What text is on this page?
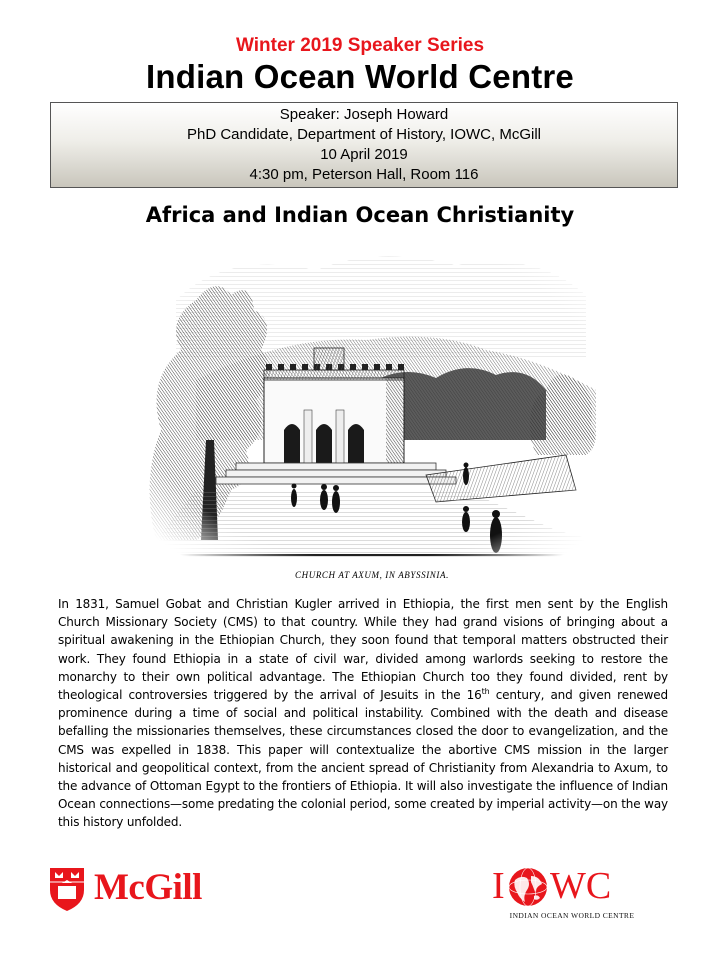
Winter 2019 Speaker Series
Indian Ocean World Centre
Speaker: Joseph Howard
PhD Candidate, Department of History, IOWC, McGill
10 April 2019
4:30 pm, Peterson Hall, Room 116
Africa and Indian Ocean Christianity
CHURCH AT AXUM, IN ABYSSINIA.
In 1831, Samuel Gobat and Christian Kugler arrived in Ethiopia, the first men sent by the English Church Missionary Society (CMS) to that country. While they had grand visions of bringing about a spiritual awakening in the Ethiopian Church, they soon found that temporal matters obstructed their work. They found Ethiopia in a state of civil war, divided among warlords seeking to restore the monarchy to their own political advantage. The Ethiopian Church too they found divided, rent by theological controversies triggered by the arrival of Jesuits in the 16th century, and given renewed prominence during a time of social and political instability. Combined with the death and disease befalling the missionaries themselves, these circumstances closed the door to evangelization, and the CMS was expelled in 1838. This paper will contextualize the abortive CMS mission in the larger historical and geopolitical context, from the ancient spread of Christianity from Alexandria to Axum, to the advance of Ottoman Egypt to the frontiers of Ethiopia. It will also investigate the influence of Indian Ocean connections—some predating the colonial period, some created by imperial activity—on the way this history unfolded.
McGill	I WC
INDIAN OCEAN WORLD CENTRE
